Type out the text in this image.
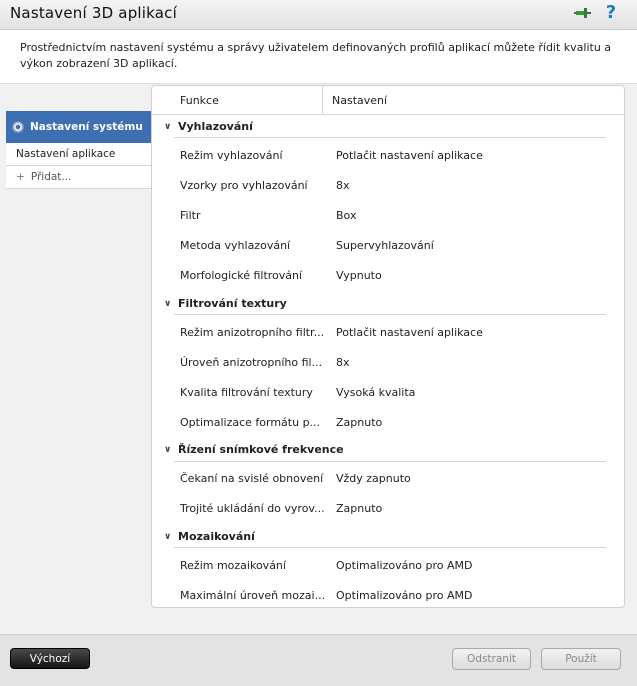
Nastavení 3D aplikací	?
Prostřednictvím nastavení systému a správy uživatelem definovaných profilů aplikací můžete řídit kvalitu a výkon zobrazení 3D aplikací.
Nastavení systému
Nastavení aplikace
+ Přidat...
Funkce	Nastavení
∨ Vyhlazování
Režim vyhlazování	Potlačit nastavení aplikace
Vzorky pro vyhlazování	8x
Filtr	Box
Metoda vyhlazování	Supervyhlazování
Morfologické filtrování	Vypnuto
∨ Filtrování textury
Režim anizotropního filtr...	Potlačit nastavení aplikace
Úroveň anizotropního fil...	8x
Kvalita filtrování textury	Vysoká kvalita
Optimalizace formátu p...	Zapnuto
∨ Řízení snímkové frekvence
Čekaní na svislé obnovení	Vždy zapnuto
Trojité ukládání do vyrov...	Zapnuto
∨ Mozaikování
Režim mozaikování	Optimalizováno pro AMD
Maximální úroveň mozai... Optimalizováno pro AMD
Výchozí	Odstranit	Použít
